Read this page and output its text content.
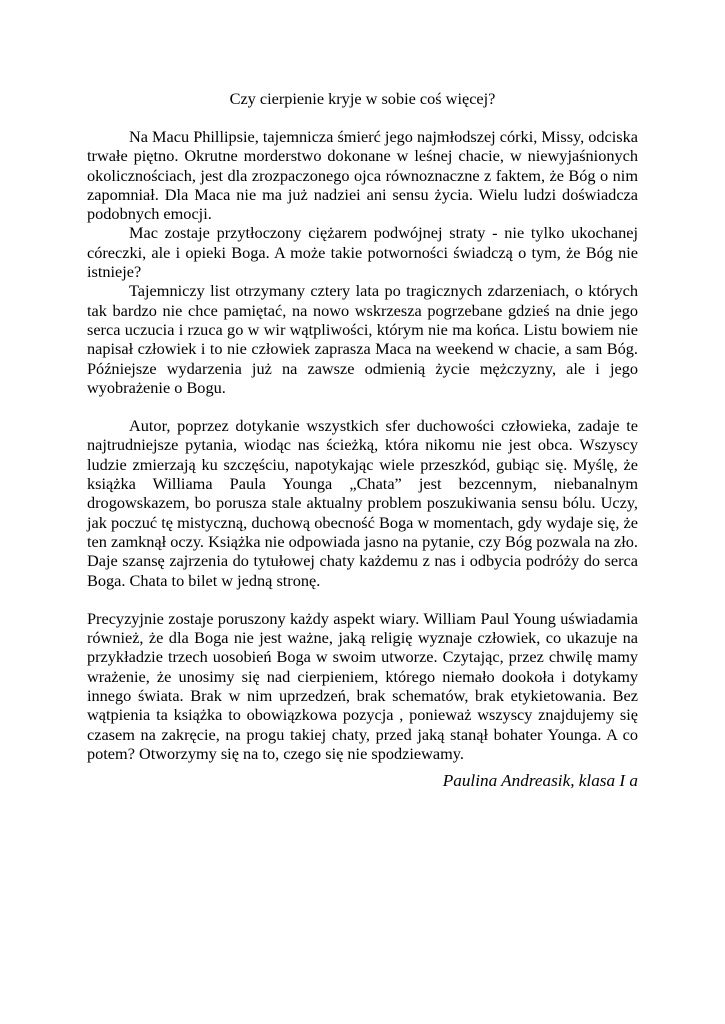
Czy cierpienie kryje w sobie coś więcej?

Na Macu Phillipsie, tajemnicza śmierć jego najmłodszej córki, Missy, odciska trwałe piętno. Okrutne morderstwo dokonane w leśnej chacie, w niewyjaśnionych okolicznościach, jest dla zrozpaczonego ojca równoznaczne z faktem, że Bóg o nim zapomniał. Dla Maca nie ma już nadziei ani sensu życia. Wielu ludzi doświadcza podobnych emocji.

Mac zostaje przytłoczony ciężarem podwójnej straty - nie tylko ukochanej córeczki, ale i opieki Boga. A może takie potworności świadczą o tym, że Bóg nie istnieje?

Tajemniczy list otrzymany cztery lata po tragicznych zdarzeniach, o których tak bardzo nie chce pamiętać, na nowo wskrzesza pogrzebane gdzieś na dnie jego serca uczucia i rzuca go w wir wątpliwości, którym nie ma końca. Listu bowiem nie napisał człowiek i to nie człowiek zaprasza Maca na weekend w chacie, a sam Bóg. Późniejsze wydarzenia już na zawsze odmienią życie mężczyzny, ale i jego wyobrażenie o Bogu.

Autor, poprzez dotykanie wszystkich sfer duchowości człowieka, zadaje te najtrudniejsze pytania, wiodąc nas ścieżką, która nikomu nie jest obca. Wszyscy ludzie zmierzają ku szczęściu, napotykając wiele przeszkód, gubiąc się. Myślę, że książka Williama Paula Younga „Chata” jest bezcennym, niebanalnym drogowskazem, bo porusza stale aktualny problem poszukiwania sensu bólu. Uczy, jak poczuć tę mistyczną, duchową obecność Boga w momentach, gdy wydaje się, że ten zamknął oczy. Książka nie odpowiada jasno na pytanie, czy Bóg pozwala na zło. Daje szansę zajrzenia do tytułowej chaty każdemu z nas i odbycia podróży do serca Boga. Chata to bilet w jedną stronę.

Precyzyjnie zostaje poruszony każdy aspekt wiary. William Paul Young uświadamia również, że dla Boga nie jest ważne, jaką religię wyznaje człowiek, co ukazuje na przykładzie trzech uosobień Boga w swoim utworze. Czytając, przez chwilę mamy wrażenie, że unosimy się nad cierpieniem, którego niemało dookoła i dotykamy innego świata. Brak w nim uprzedzeń, brak schematów, brak etykietowania. Bez wątpienia ta książka to obowiązkowa pozycja , ponieważ wszyscy znajdujemy się czasem na zakręcie, na progu takiej chaty, przed jaką stanął bohater Younga. A co potem? Otworzymy się na to, czego się nie spodziewamy.

Paulina Andreasik, klasa I a
